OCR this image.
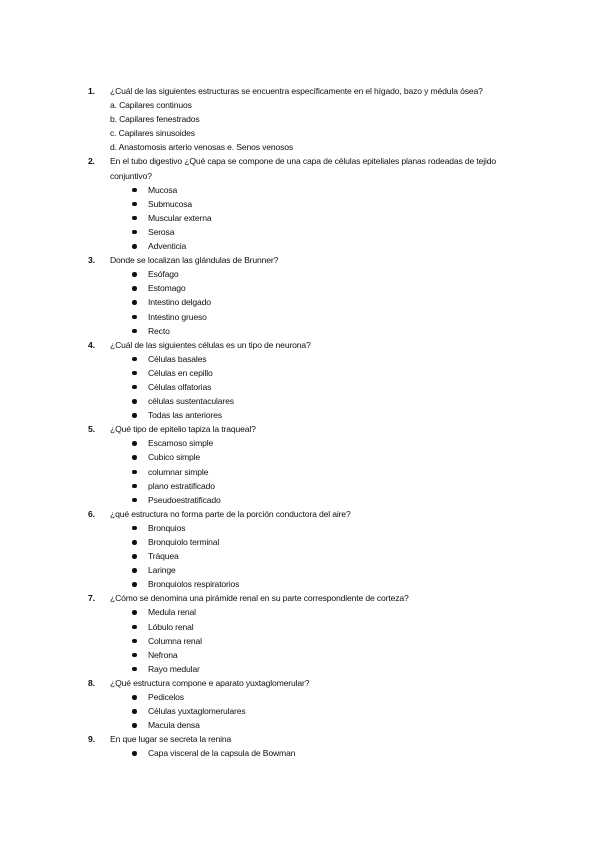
1.	¿Cuál de las siguientes estructuras se encuentra específicamente en el hígado, bazo y médula ósea?
a. Capilares continuos
b. Capilares fenestrados
c. Capilares sinusoides
d. Anastomosis arterio venosas e. Senos venosos
2.	En el tubo digestivo ¿Qué capa se compone de una capa de células epiteliales planas rodeadas de tejido conjuntivo?
Mucosa
Submucosa
Muscular externa
Serosa
Adventicia
3.	Donde se localizan las glándulas de Brunner?
Esófago
Estomago
Intestino delgado
Intestino grueso
Recto
4.	¿Cuál de las siguientes células es un tipo de neurona?
Células basales
Células en cepillo
Células olfatorias
células sustentaculares
Todas las anteriores
5.	¿Qué tipo de epitelio tapiza la traqueal?
Escamoso simple
Cubico simple
columnar simple
plano estratificado
Pseudoestratificado
6.	¿qué estructura no forma parte de la porción conductora del aire?
Bronquios
Bronquiolo terminal
Tráquea
Laringe
Bronquiolos respiratorios
7.	¿Cómo se denomina una pirámide renal en su parte correspondiente de corteza?
Medula renal
Lóbulo renal
Columna renal
Nefrona
Rayo medular
8.	¿Qué estructura compone e aparato yuxtaglomerular?
Pedicelos
Células yuxtaglomerulares
Macula densa
9.	En que lugar se secreta la renina
Capa visceral de la capsula de Bowman
